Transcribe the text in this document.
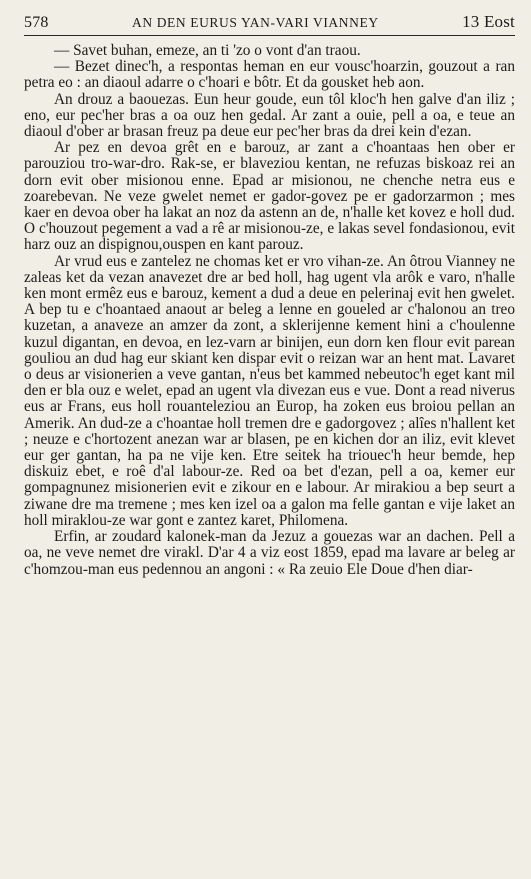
578	AN DEN EURUS YAN-VARI VIANNEY	13 Eost

— Savet buhan, emeze, an ti 'zo o vont d'an traou.

— Bezet dinec'h, a respontas heman en eur vousc'hoarzin, gouzout a ran petra eo : an diaoul adarre o c'hoari e bôtr. Et da gousket heb aon.

An drouz a baouezas. Eun heur goude, eun tôl kloc'h hen galve d'an iliz ; eno, eur pec'her bras a oa ouz hen gedal. Ar zant a ouie, pell a oa, e teue an diaoul d'ober ar brasan freuz pa deue eur pec'her bras da drei kein d'ezan.

Ar pez en devoa grêt en e barouz, ar zant a c'hoantaas hen ober er parouziou tro-war-dro. Rak-se, er blaveziou kentan, ne refuzas biskoaz rei an dorn evit ober misionou enne. Epad ar misionou, ne chenche netra eus e zoarebevan. Ne veze gwelet nemet er gador-govez pe er gadorzarmon ; mes kaer en devoa ober ha lakat an noz da astenn an de, n'halle ket kovez e holl dud. O c'houzout pegement a vad a rê ar misionou-ze, e lakas sevel fondasionou, evit harz ouz an dispignou,ouspen en kant parouz.

Ar vrud eus e zantelez ne chomas ket er vro vihan-ze. An ôtrou Vianney ne zaleas ket da vezan anavezet dre ar bed holl, hag ugent vla arôk e varo, n'halle ken mont ermêz eus e barouz, kement a dud a deue en pelerinaj evit hen gwelet. A bep tu e c'hoantaed anaout ar beleg a lenne en goueled ar c'halonou an treo kuzetan, a anaveze an amzer da zont, a sklerijenne kement hini a c'houlenne kuzul digantan, en devoa, en lez-varn ar binijen, eun dorn ken flour evit parean gouliou an dud hag eur skiant ken dispar evit o reizan war an hent mat. Lavaret o deus ar visionerien a veve gantan, n'eus bet kammed nebeutoc'h eget kant mil den er bla ouz e welet, epad an ugent vla divezan eus e vue. Dont a read niverus eus ar Frans, eus holl rouanteleziou an Europ, ha zoken eus broiou pellan an Amerik. An dud-ze a c'hoantae holl tremen dre e gadorgovez ; alîes n'hallent ket ; neuze e c'hortozent anezan war ar blasen, pe en kichen dor an iliz, evit klevet eur ger gantan, ha pa ne vije ken. Etre seitek ha triouec'h heur bemde, hep diskuiz ebet, e roê d'al labour-ze. Red oa bet d'ezan, pell a oa, kemer eur gompagnunez misionerien evit e zikour en e labour. Ar mirakiou a bep seurt a ziwane dre ma tremene ; mes ken izel oa a galon ma felle gantan e vije laket an holl miraklou-ze war gont e zantez karet, Philomena.

Erfin, ar zoudard kalonek-man da Jezuz a gouezas war an dachen. Pell a oa, ne veve nemet dre virakl. D'ar 4 a viz eost 1859, epad ma lavare ar beleg ar c'homzou-man eus pedennou an angoni : « Ra zeuio Ele Doue d'hen diar-
